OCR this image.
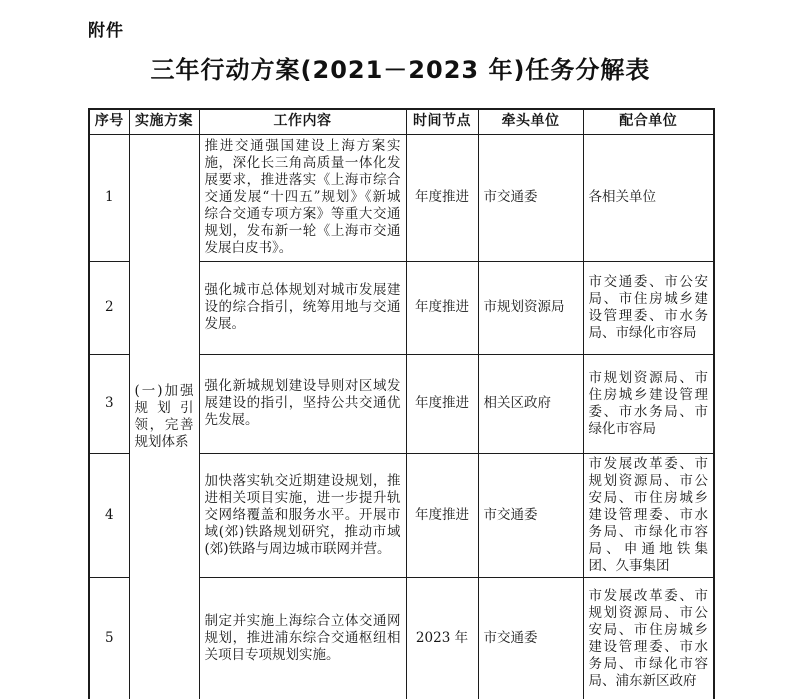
附件
三年行动方案(2021－2023 年)任务分解表
序号	实施方案	工作内容	时间节点	牵头单位	配合单位
1	(一)加强规划引领，完善规划体系	推进交通强国建设上海方案实施，深化长三角高质量一体化发展要求，推进落实《上海市综合交通发展“十四五”规划》《新城综合交通专项方案》等重大交通规划，发布新一轮《上海市交通发展白皮书》。	年度推进	市交通委	各相关单位
2		强化城市总体规划对城市发展建设的综合指引，统筹用地与交通发展。	年度推进	市规划资源局	市交通委、市公安局、市住房城乡建设管理委、市水务局、市绿化市容局
3		强化新城规划建设导则对区域发展建设的指引，坚持公共交通优先发展。	年度推进	相关区政府	市规划资源局、市住房城乡建设管理委、市水务局、市绿化市容局
4		加快落实轨交近期建设规划，推进相关项目实施，进一步提升轨交网络覆盖和服务水平。开展市域(郊)铁路规划研究，推动市域(郊)铁路与周边城市联网并营。	年度推进	市交通委	市发展改革委、市规划资源局、市公安局、市住房城乡建设管理委、市水务局、市绿化市容局、申通地铁集团、久事集团
5		制定并实施上海综合立体交通网规划，推进浦东综合交通枢纽相关项目专项规划实施。	2023 年	市交通委	市发展改革委、市规划资源局、市公安局、市住房城乡建设管理委、市水务局、市绿化市容局、浦东新区政府
